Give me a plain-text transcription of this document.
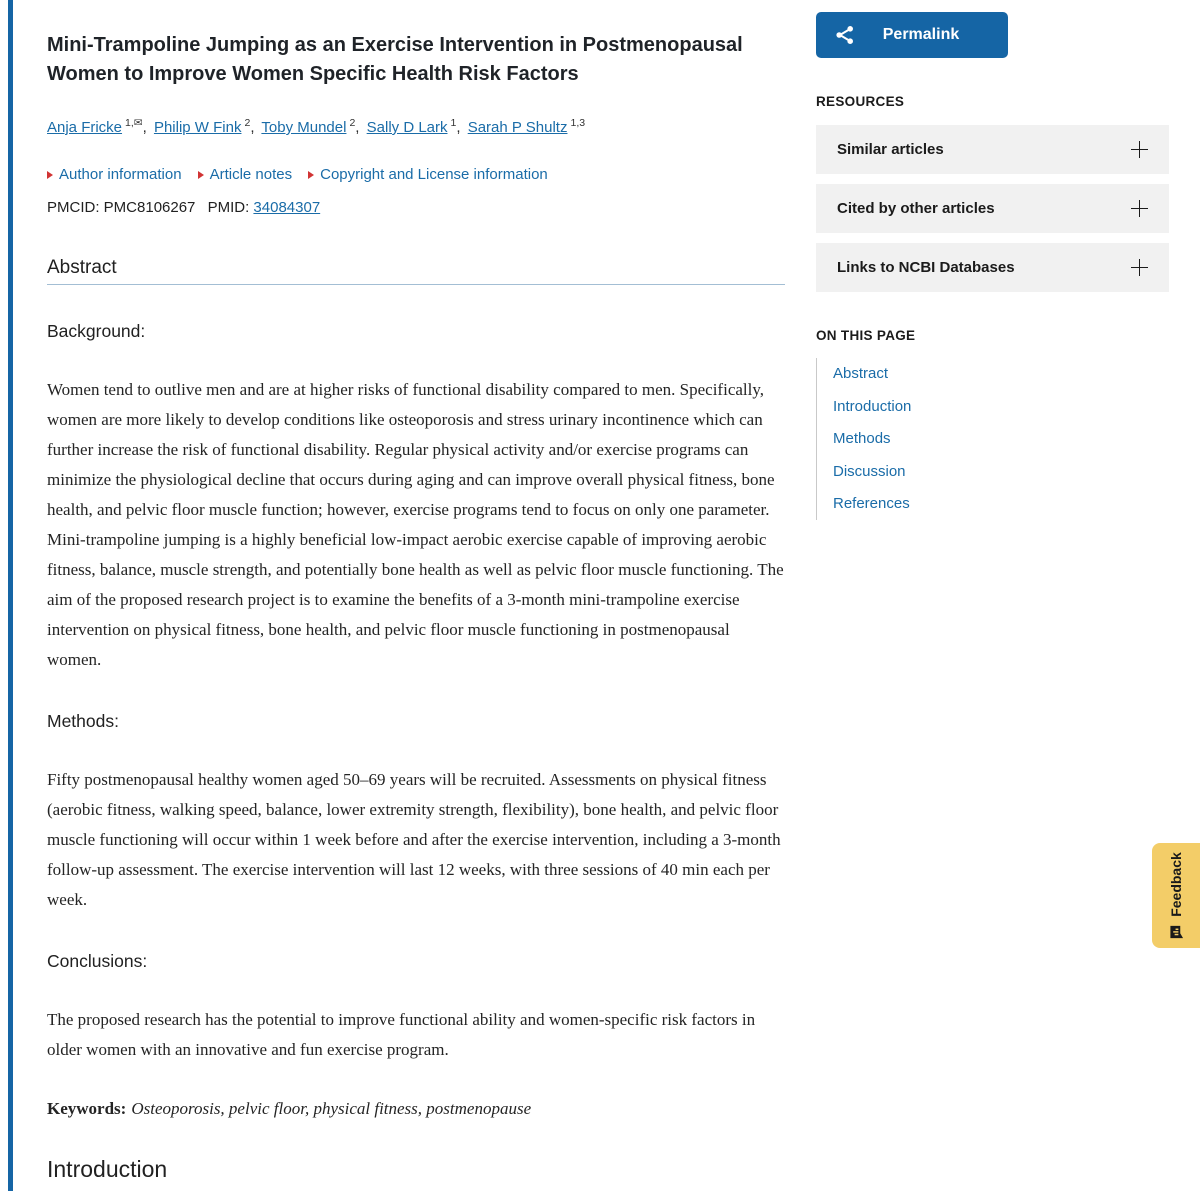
Mini-Trampoline Jumping as an Exercise Intervention in Postmenopausal Women to Improve Women Specific Health Risk Factors
Anja Fricke $^{1,✉}$, Philip W Fink $^2$, Toby Mundel $^2$, Sally D Lark $^1$, Sarah P Shultz $^{1,3}$
Author information Article notes Copyright and License information
PMCID: PMC8106267 PMID: 34084307
Abstract
Background:

Women tend to outlive men and are at higher risks of functional disability compared to men. Specifically, women are more likely to develop conditions like osteoporosis and stress urinary incontinence which can further increase the risk of functional disability. Regular physical activity and/or exercise programs can minimize the physiological decline that occurs during aging and can improve overall physical fitness, bone health, and pelvic floor muscle function; however, exercise programs tend to focus on only one parameter. Mini-trampoline jumping is a highly beneficial low-impact aerobic exercise capable of improving aerobic fitness, balance, muscle strength, and potentially bone health as well as pelvic floor muscle functioning. The aim of the proposed research project is to examine the benefits of a 3-month mini-trampoline exercise intervention on physical fitness, bone health, and pelvic floor muscle functioning in postmenopausal women.

Methods:

Fifty postmenopausal healthy women aged 50–69 years will be recruited. Assessments on physical fitness (aerobic fitness, walking speed, balance, lower extremity strength, flexibility), bone health, and pelvic floor muscle functioning will occur within 1 week before and after the exercise intervention, including a 3-month follow-up assessment. The exercise intervention will last 12 weeks, with three sessions of 40 min each per week.

Conclusions:

The proposed research has the potential to improve functional ability and women-specific risk factors in older women with an innovative and fun exercise program.

Keywords: Osteoporosis, pelvic floor, physical fitness, postmenopause

Introduction
Permalink
RESOURCES
Similar articles
Cited by other articles
Links to NCBI Databases
ON THIS PAGE
Abstract
Introduction
Methods
Discussion
References
Feedback
